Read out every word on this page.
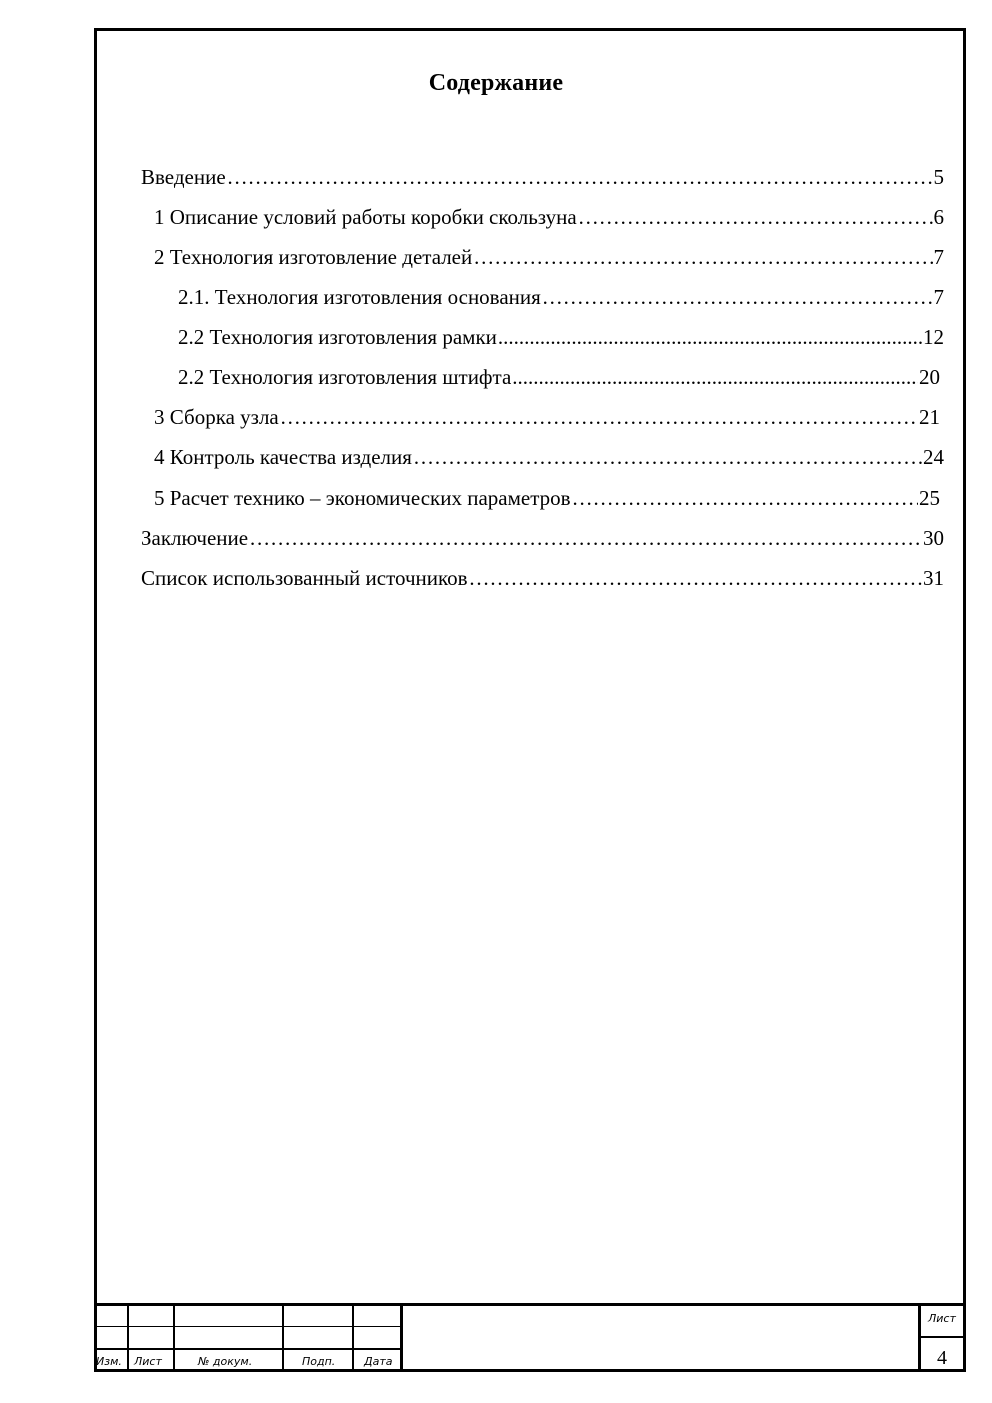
Содержание
Введение ……………………………………………………………………………………………………………………………………………………………………………………………	5
1 Описание условий работы коробки скользуна ……………………………………………………………………………………………………………………………………………………………………………………………	6
2 Технология изготовление деталей ……………………………………………………………………………………………………………………………………………………………………………………………	7
2.1. Технология изготовления основания ……………………………………………………………………………………………………………………………………………………………………………………………	7
2.2 Технология изготовления рамки .....	12
2.2 Технология изготовления штифта .....	20
3 Сборка узла ……………………………………………………………………………………………………………………………………………………………………………………………	21
4 Контроль качества изделия ……………………………………………………………………………………………………………………………………………………………………………………………	24
5 Расчет технико – экономических параметров ……………………………………………………………………………………………………………………………………………………………………………………………	25
Заключение ……………………………………………………………………………………………………………………………………………………………………………………………	30
Список использованный источников ……………………………………………………………………………………………………………………………………………………………………………………………	31
Изм. Лист	№ докум.	Подп.	Дата
Лист
4
